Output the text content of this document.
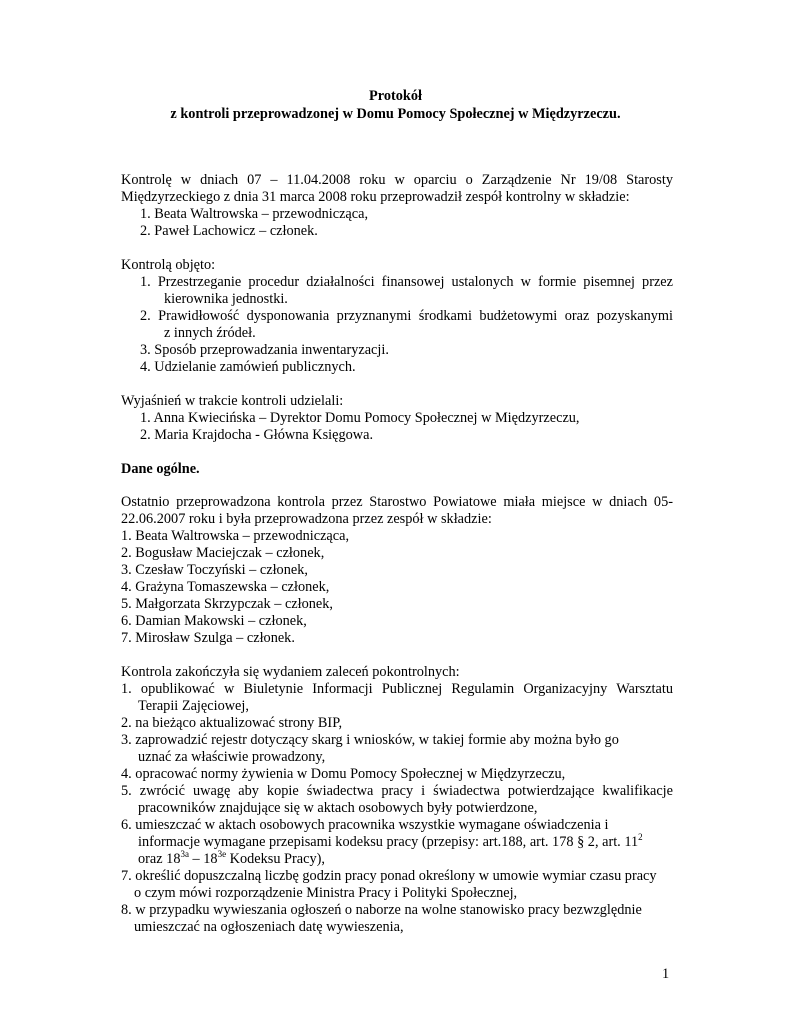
Protokół
z kontroli przeprowadzonej w Domu Pomocy Społecznej w Międzyrzeczu.
Kontrolę w dniach 07 – 11.04.2008 roku w oparciu o Zarządzenie Nr 19/08 Starosty
Międzyrzeckiego z dnia 31 marca 2008 roku przeprowadził zespół kontrolny w składzie:
1. Beata Waltrowska – przewodnicząca,
2. Paweł Lachowicz – członek.
Kontrolą objęto:
1. Przestrzeganie procedur działalności finansowej ustalonych w formie pisemnej przez
kierownika jednostki.
2. Prawidłowość dysponowania przyznanymi środkami budżetowymi oraz pozyskanymi
z innych źródeł.
3. Sposób przeprowadzania inwentaryzacji.
4. Udzielanie zamówień publicznych.
Wyjaśnień w trakcie kontroli udzielali:
1. Anna Kwiecińska – Dyrektor Domu Pomocy Społecznej w Międzyrzeczu,
2. Maria Krajdocha - Główna Księgowa.
Dane ogólne.
Ostatnio przeprowadzona kontrola przez Starostwo Powiatowe miała miejsce w dniach 05-
22.06.2007 roku i była przeprowadzona przez zespół w składzie:
1. Beata Waltrowska – przewodnicząca,
2. Bogusław Maciejczak – członek,
3. Czesław Toczyński – członek,
4. Grażyna Tomaszewska – członek,
5. Małgorzata Skrzypczak – członek,
6. Damian Makowski – członek,
7. Mirosław Szulga – członek.
Kontrola zakończyła się wydaniem zaleceń pokontrolnych:
1. opublikować w Biuletynie Informacji Publicznej Regulamin Organizacyjny Warsztatu
Terapii Zajęciowej,
2. na bieżąco aktualizować strony BIP,
3. zaprowadzić rejestr dotyczący skarg i wniosków, w takiej formie aby można było go
uznać za właściwie prowadzony,
4. opracować normy żywienia w Domu Pomocy Społecznej w Międzyrzeczu,
5. zwrócić uwagę aby kopie świadectwa pracy i świadectwa potwierdzające kwalifikacje
pracowników znajdujące się w aktach osobowych były potwierdzone,
6. umieszczać w aktach osobowych pracownika wszystkie wymagane oświadczenia i
informacje wymagane przepisami kodeksu pracy (przepisy: art.188, art. 178 § 2, art. $11^2$
oraz $18^{3a} - 18^{3e}$ Kodeksu Pracy),
7. określić dopuszczalną liczbę godzin pracy ponad określony w umowie wymiar czasu pracy
o czym mówi rozporządzenie Ministra Pracy i Polityki Społecznej,
8. w przypadku wywieszania ogłoszeń o naborze na wolne stanowisko pracy bezwzględnie
umieszczać na ogłoszeniach datę wywieszenia,
1
